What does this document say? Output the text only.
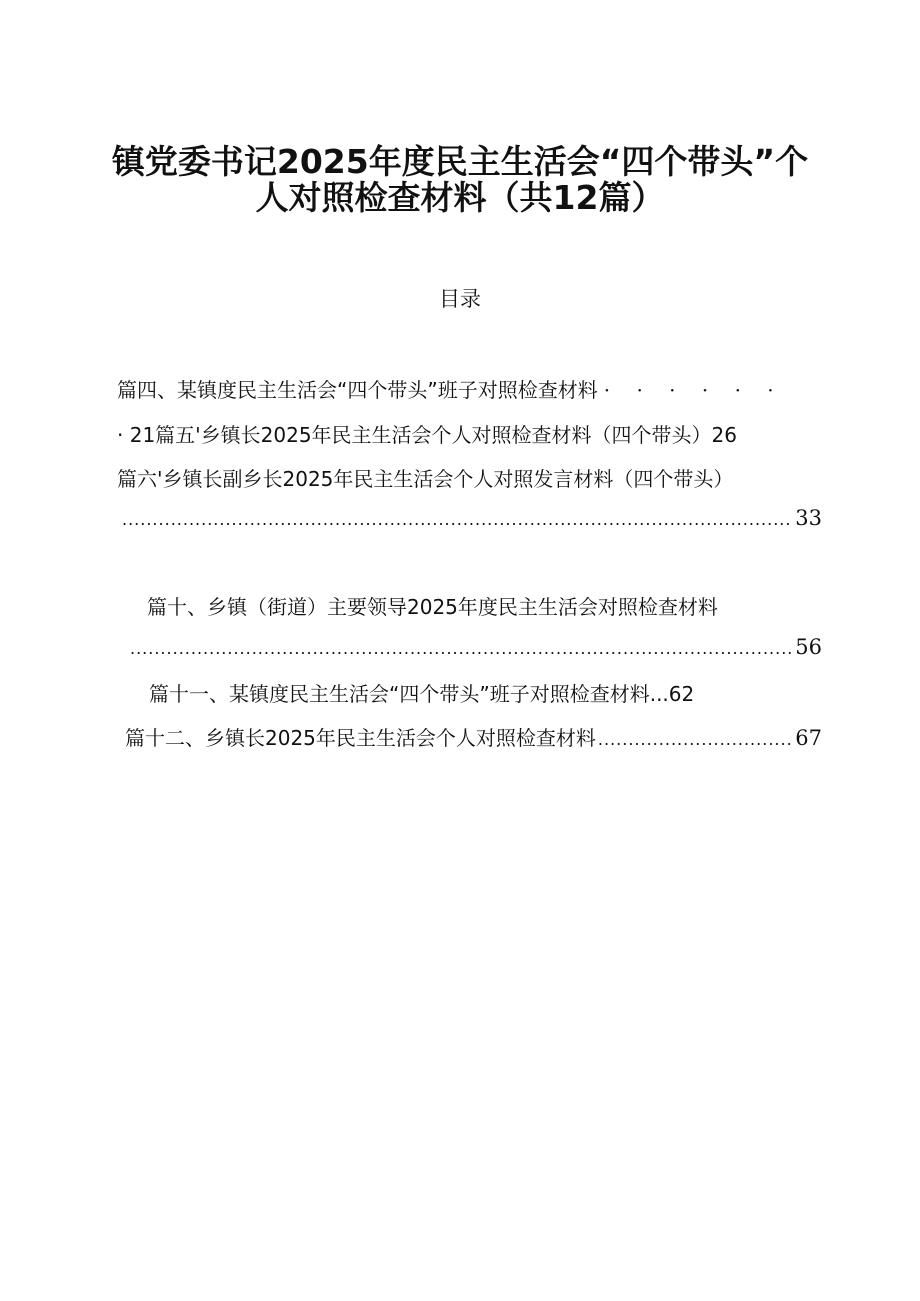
镇党委书记2025年度民主生活会“四个带头”个
人对照检查材料（共12篇）
目录
篇四、某镇度民主生活会“四个带头”班子对照检查材料 · · · · · ·
· 21篇五'乡镇长2025年民主生活会个人对照检查材料（四个带头）26
篇六'乡镇长副乡长2025年民主生活会个人对照发言材料（四个带头）
.....
33
篇十、乡镇（街道）主要领导2025年度民主生活会对照检查材料
.....
56
篇十一、某镇度民主生活会“四个带头”班子对照检查材料...62
篇十二、乡镇长2025年民主生活会个人对照检查材料
.....	67
